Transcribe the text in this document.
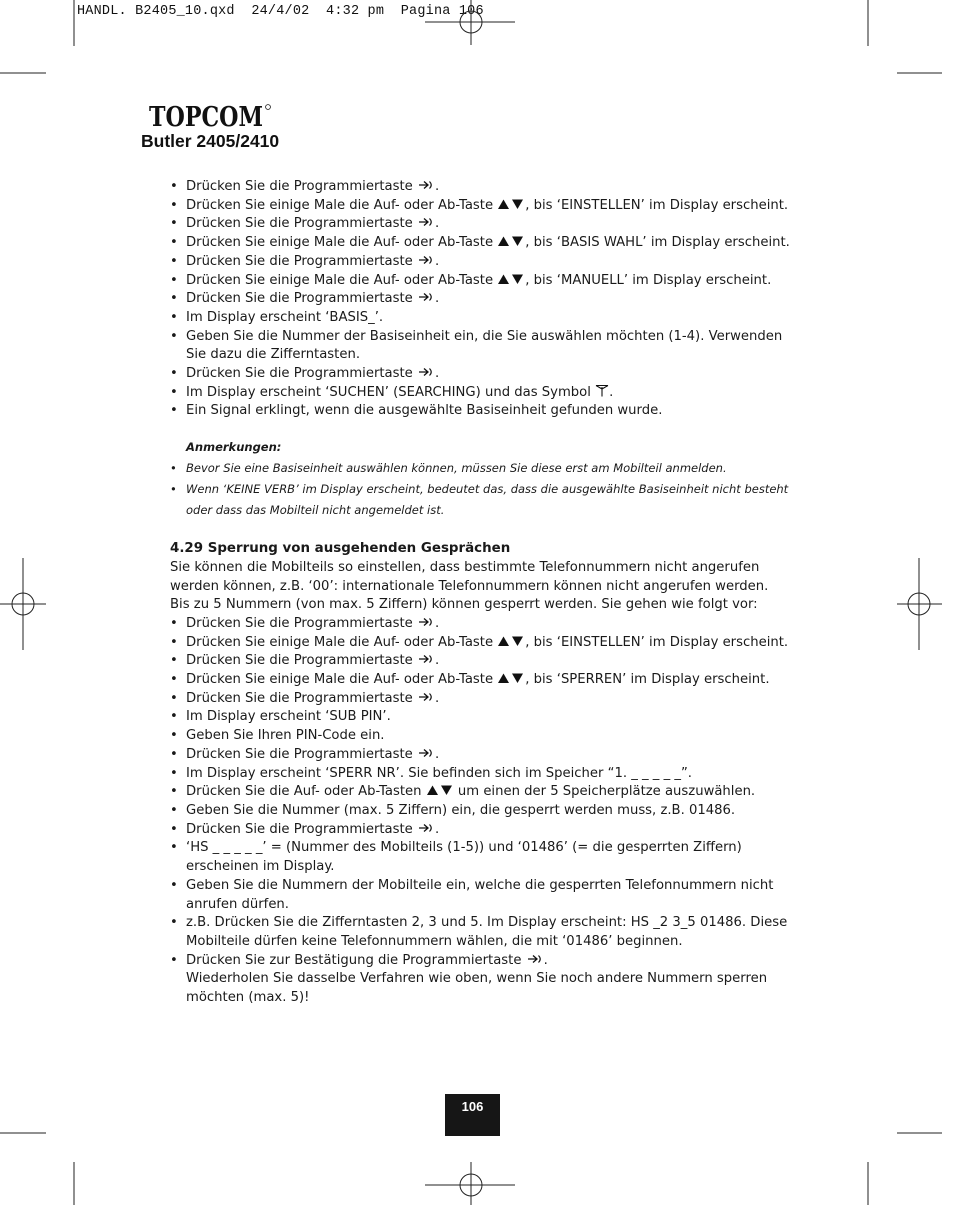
HANDL. B2405_10.qxd  24/4/02  4:32 pm  Pagina 106
TOPCOM
Butler 2405/2410
• Drücken Sie die Programmiertaste .
• Drücken Sie einige Male die Auf- oder Ab-Taste , bis ‘EINSTELLEN’ im Display erscheint.
• Drücken Sie die Programmiertaste .
• Drücken Sie einige Male die Auf- oder Ab-Taste , bis ‘BASIS WAHL’ im Display erscheint.
• Drücken Sie die Programmiertaste .
• Drücken Sie einige Male die Auf- oder Ab-Taste , bis ‘MANUELL’ im Display erscheint.
• Drücken Sie die Programmiertaste .
• Im Display erscheint ‘BASIS_’.
• Geben Sie die Nummer der Basiseinheit ein, die Sie auswählen möchten (1-4). Verwenden Sie dazu die Zifferntasten.
• Drücken Sie die Programmiertaste .
• Im Display erscheint ‘SUCHEN’ (SEARCHING) und das Symbol .
• Ein Signal erklingt, wenn die ausgewählte Basiseinheit gefunden wurde.
Anmerkungen:
• Bevor Sie eine Basiseinheit auswählen können, müssen Sie diese erst am Mobilteil anmelden.
• Wenn ‘KEINE VERB’ im Display erscheint, bedeutet das, dass die ausgewählte Basiseinheit nicht besteht oder dass das Mobilteil nicht angemeldet ist.
4.29 Sperrung von ausgehenden Gesprächen

Sie können die Mobilteils so einstellen, dass bestimmte Telefonnummern nicht angerufen werden können, z.B. ‘00’: internationale Telefonnummern können nicht angerufen werden. Bis zu 5 Nummern (von max. 5 Ziffern) können gesperrt werden. Sie gehen wie folgt vor:

• Drücken Sie die Programmiertaste .
• Drücken Sie einige Male die Auf- oder Ab-Taste , bis ‘EINSTELLEN’ im Display erscheint.
• Drücken Sie die Programmiertaste .
• Drücken Sie einige Male die Auf- oder Ab-Taste , bis ‘SPERREN’ im Display erscheint.
• Drücken Sie die Programmiertaste .
• Im Display erscheint ‘SUB PIN’.
• Geben Sie Ihren PIN-Code ein.
• Drücken Sie die Programmiertaste .
• Im Display erscheint ‘SPERR NR’. Sie befinden sich im Speicher “1. _ _ _ _ _”.
• Drücken Sie die Auf- oder Ab-Tasten  um einen der 5 Speicherplätze auszuwählen.
• Geben Sie die Nummer (max. 5 Ziffern) ein, die gesperrt werden muss, z.B. 01486.
• Drücken Sie die Programmiertaste .
• ‘HS _ _ _ _ _’ = (Nummer des Mobilteils (1-5)) und ‘01486’ (= die gesperrten Ziffern) erscheinen im Display.
• Geben Sie die Nummern der Mobilteile ein, welche die gesperrten Telefonnummern nicht anrufen dürfen.
• z.B. Drücken Sie die Zifferntasten 2, 3 und 5. Im Display erscheint: HS _2 3_5 01486. Diese Mobilteile dürfen keine Telefonnummern wählen, die mit ‘01486’ beginnen.
• Drücken Sie zur Bestätigung die Programmiertaste .
Wiederholen Sie dasselbe Verfahren wie oben, wenn Sie noch andere Nummern sperren möchten (max. 5)!
106
